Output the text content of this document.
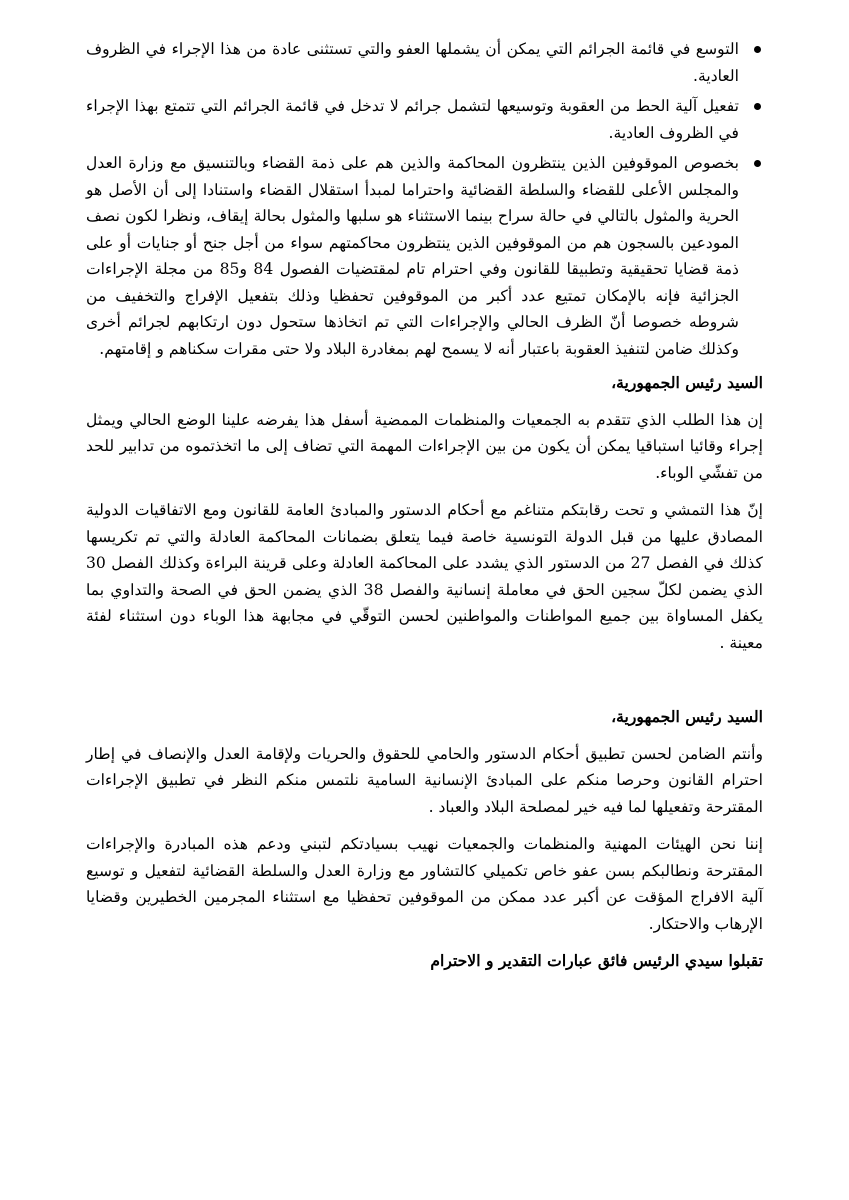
التوسع في قائمة الجرائم التي يمكن أن يشملها العفو والتي تستثنى عادة من هذا الإجراء في الظروف العادية.
تفعيل آلية الحط من العقوبة وتوسيعها لتشمل جرائم لا تدخل في قائمة الجرائم التي تتمتع بهذا الإجراء في الظروف العادية.
بخصوص الموقوفين الذين ينتظرون المحاكمة والذين هم على ذمة القضاء وبالتنسيق مع وزارة العدل والمجلس الأعلى للقضاء والسلطة القضائية واحتراما لمبدأ استقلال القضاء واستنادا إلى أن الأصل هو الحرية والمثول بالتالي في حالة سراح بينما الاستثناء هو سلبها والمثول بحالة إيقاف، ونظرا لكون نصف المودعين بالسجون هم من الموقوفين الذين ينتظرون محاكمتهم سواء من أجل جنح أو جنايات أو على ذمة قضايا تحقيقية وتطبيقا للقانون وفي احترام تام لمقتضيات الفصول 84 و85 من مجلة الإجراءات الجزائية فإنه بالإمكان تمتيع عدد أكبر من الموقوفين تحفظيا وذلك بتفعيل الإفراج والتخفيف من شروطه خصوصا أنّ الظرف الحالي والإجراءات التي تم اتخاذها ستحول دون ارتكابهم لجرائم أخرى وكذلك ضامن لتنفيذ العقوبة باعتبار أنه لا يسمح لهم بمغادرة البلاد ولا حتى مقرات سكناهم و إقامتهم.

السيد رئيس الجمهورية،

إن هذا الطلب الذي تتقدم به الجمعيات والمنظمات الممضية أسفل هذا يفرضه علينا الوضع الحالي ويمثل إجراء وقائيا استباقيا يمكن أن يكون من بين الإجراءات المهمة التي تضاف إلى ما اتخذتموه من تدابير للحد من تفشّي الوباء.

إنّ هذا التمشي و تحت رقابتكم متناغم مع أحكام الدستور والمبادئ العامة للقانون ومع الاتفاقيات الدولية المصادق عليها من قبل الدولة التونسية خاصة فيما يتعلق بضمانات المحاكمة العادلة والتي تم تكريسها كذلك في الفصل 27 من الدستور الذي يشدد على المحاكمة العادلة وعلى قرينة البراءة وكذلك الفصل 30 الذي يضمن لكلّ سجين الحق في معاملة إنسانية والفصل 38 الذي يضمن الحق في الصحة والتداوي بما يكفل المساواة بين جميع المواطنات والمواطنين لحسن التوقّي في مجابهة هذا الوباء دون استثناء لفئة معينة .

السيد رئيس الجمهورية،

وأنتم الضامن لحسن تطبيق أحكام الدستور والحامي للحقوق والحريات ولإقامة العدل والإنصاف في إطار احترام القانون وحرصا منكم على المبادئ الإنسانية السامية نلتمس منكم النظر في تطبيق الإجراءات المقترحة وتفعيلها لما فيه خير لمصلحة البلاد والعباد .

إننا نحن الهيئات المهنية والمنظمات والجمعيات نهيب بسيادتكم لتبني ودعم هذه المبادرة والإجراءات المقترحة ونطالبكم بسن عفو خاص تكميلي كالتشاور مع وزارة العدل والسلطة القضائية لتفعيل و توسيع آلية الافراج المؤقت عن أكبر عدد ممكن من الموقوفين تحفظيا مع استثناء المجرمين الخطيرين وقضايا الإرهاب والاحتكار.

تقبلوا سيدي الرئيس فائق عبارات التقدير و الاحترام
